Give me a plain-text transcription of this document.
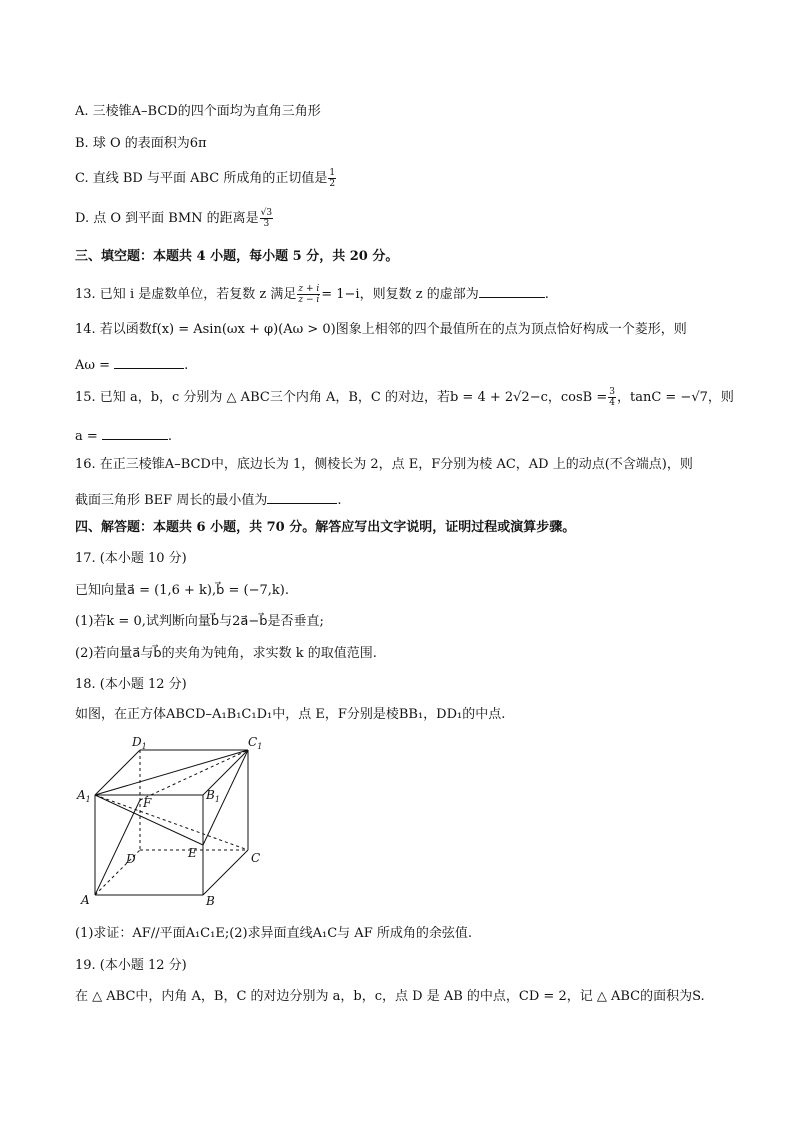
A. 三棱锥A–BCD的四个面均为直角三角形
B. 球 O 的表面积为6π
C. 直线 BD 与平面 ABC 所成角的正切值是 $\frac{1}{2}$
D. 点 O 到平面 BMN 的距离是 $\frac{√3}{3}$
三、填空题：本题共 4 小题，每小题 5 分，共 20 分。
13. 已知 i 是虚数单位，若复数 z 满足 $\frac{z + i}{z - i} = 1-i$，则复数 z 的虚部为	.
14. 若以函数f(x) = Asin(ωx + φ)(Aω > 0)图象上相邻的四个最值所在的点为顶点恰好构成一个菱形，则
Aω =	.
15. 已知 a，b，c 分别为 △ ABC三个内角 A，B，C 的对边，若b = 4 + 2√2−c，$\cos B = \frac{3}{4}$ ，tanC = −√7，则
a =	.
16. 在正三棱锥A–BCD中，底边长为 1，侧棱长为 2，点 E，F分别为棱 AC，AD 上的动点(不含端点)，则
截面三角形 BEF 周长的最小值为	.
四、解答题：本题共 6 小题，共 70 分。解答应写出文字说明，证明过程或演算步骤。
17. (本小题 10 分)
已知向量a⃗ = (1,6 + k),b⃗ = (−7,k).
(1)若k = 0,试判断向量b⃗与2a⃗−b⃗是否垂直;
(2)若向量a⃗与b⃗的夹角为钝角，求实数 k 的取值范围.
18. (本小题 12 分)
如图，在正方体ABCD–A₁B₁C₁D₁中，点 E，F分别是棱BB₁，DD₁的中点.
$D_1$	$C_1$
$A_1$	$B_1$
F
E
D	C
A	B
(1)求证：AF//平面A₁C₁E;(2)求异面直线A₁C与 AF 所成角的余弦值.
19. (本小题 12 分)
在 △ ABC中，内角 A，B，C 的对边分别为 a，b，c，点 D 是 AB 的中点，CD = 2，记 △ ABC的面积为S.
